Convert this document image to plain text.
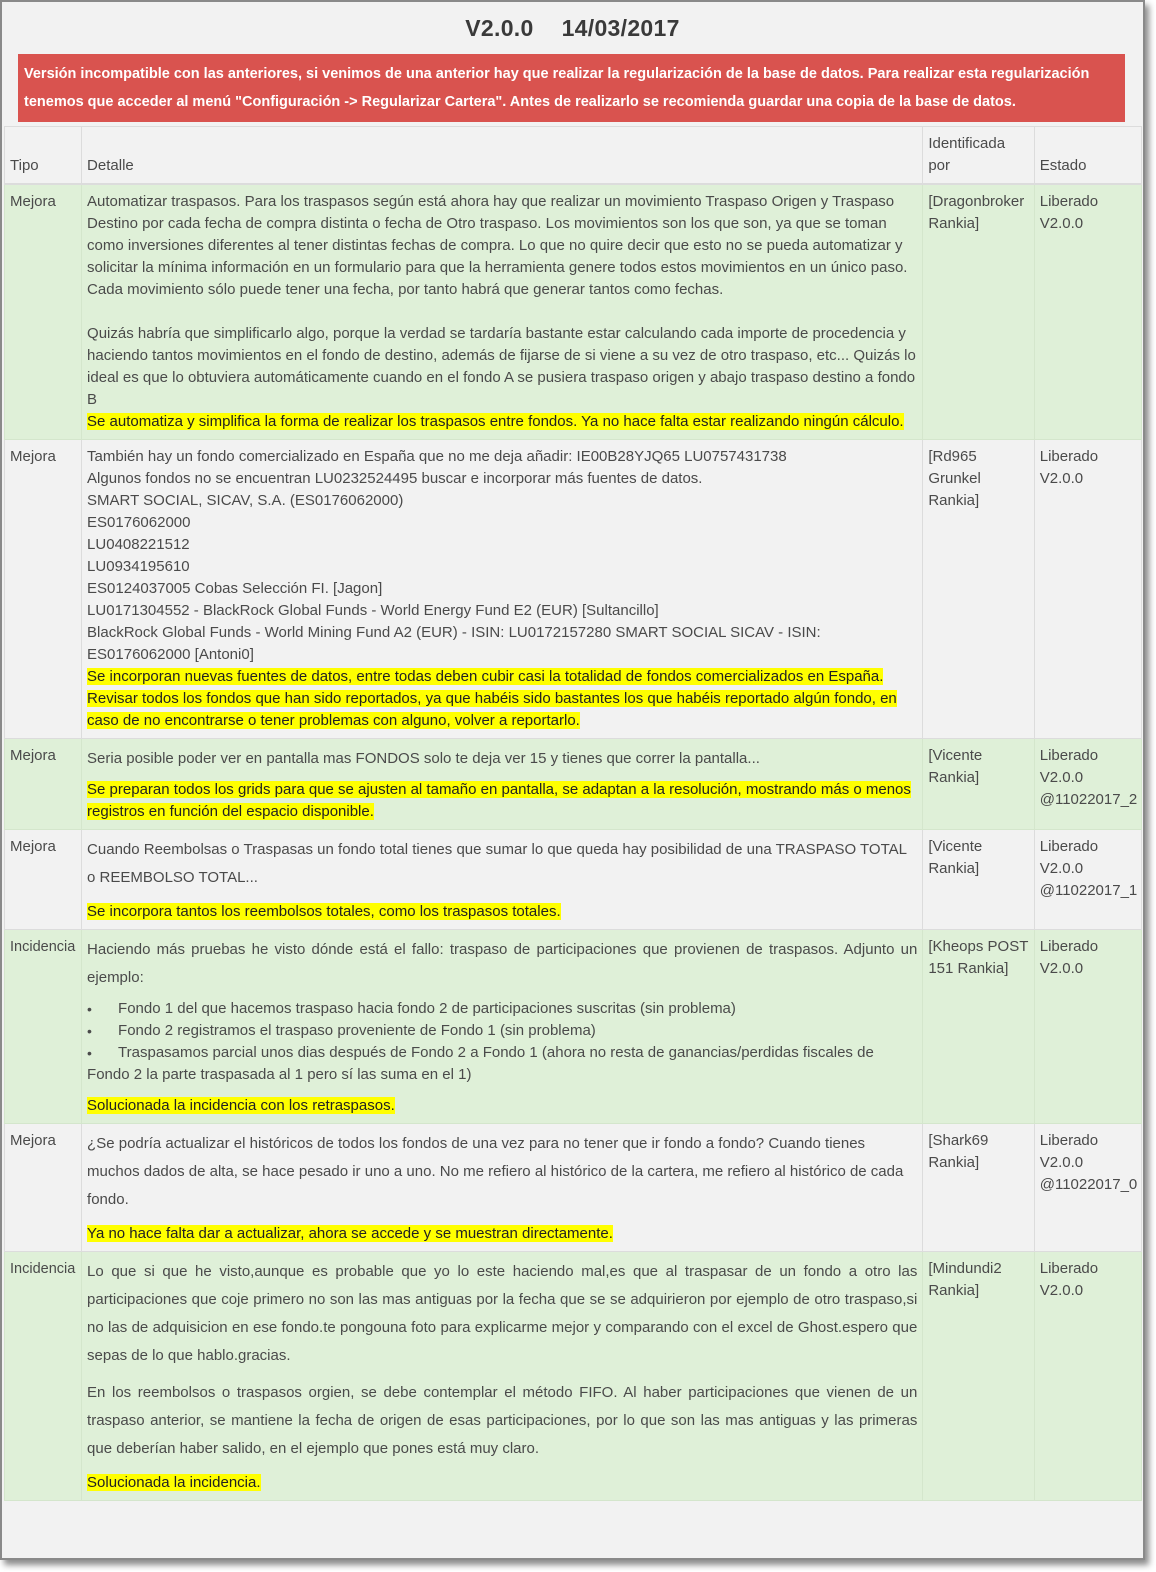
V2.0.0 14/03/2017
Versión incompatible con las anteriores, si venimos de una anterior hay que realizar la regularización de la base de datos. Para realizar esta regularización tenemos que acceder al menú "Configuración -> Regularizar Cartera". Antes de realizarlo se recomienda guardar una copia de la base de datos.
Tipo	Detalle	Identificada por	Estado
Mejora	Automatizar traspasos. Para los traspasos según está ahora hay que realizar un movimiento Traspaso Origen y Traspaso Destino por cada fecha de compra distinta o fecha de Otro traspaso. Los movimientos son los que son, ya que se toman como inversiones diferentes al tener distintas fechas de compra. Lo que no quire decir que esto no se pueda automatizar y solicitar la mínima información en un formulario para que la herramienta genere todos estos movimientos en un único paso. Cada movimiento sólo puede tener una fecha, por tanto habrá que generar tantos como fechas.

Quizás habría que simplificarlo algo, porque la verdad se tardaría bastante estar calculando cada importe de procedencia y haciendo tantos movimientos en el fondo de destino, además de fijarse de si viene a su vez de otro traspaso, etc... Quizás lo ideal es que lo obtuviera automáticamente cuando en el fondo A se pusiera traspaso origen y abajo traspaso destino a fondo B

Se automatiza y simplifica la forma de realizar los traspasos entre fondos. Ya no hace falta estar realizando ningún cálculo.	[Dragonbroker Rankia]	Liberado V2.0.0
Mejora	También hay un fondo comercializado en España que no me deja añadir: IE00B28YJQ65 LU0757431738

Algunos fondos no se encuentran LU0232524495 buscar e incorporar más fuentes de datos.

SMART SOCIAL, SICAV, S.A. (ES0176062000)

ES0176062000

LU0408221512

LU0934195610

ES0124037005 Cobas Selección FI. [Jagon]

LU0171304552 - BlackRock Global Funds - World Energy Fund E2 (EUR) [Sultancillo]

BlackRock Global Funds - World Mining Fund A2 (EUR) - ISIN: LU0172157280 SMART SOCIAL SICAV - ISIN: ES0176062000 [Antoni0]

Se incorporan nuevas fuentes de datos, entre todas deben cubir casi la totalidad de fondos comercializados en España. Revisar todos los fondos que han sido reportados, ya que habéis sido bastantes los que habéis reportado algún fondo, en caso de no encontrarse o tener problemas con alguno, volver a reportarlo.

	[Rd965 Grunkel Rankia]	Liberado V2.0.0
Mejora	Seria posible poder ver en pantalla mas FONDOS solo te deja ver 15 y tienes que correr la pantalla...

Se preparan todos los grids para que se ajusten al tamaño en pantalla, se adaptan a la resolución, mostrando más o menos registros en función del espacio disponible.	[Vicente Rankia]	Liberado V2.0.0 @11022017_2
Mejora	Cuando Reembolsas o Traspasas un fondo total tienes que sumar lo que queda hay posibilidad de una TRASPASO TOTAL o REEMBOLSO TOTAL...

Se incorpora tantos los reembolsos totales, como los traspasos totales.	[Vicente Rankia]	Liberado V2.0.0 @11022017_1
Incidencia	Haciendo más pruebas he visto dónde está el fallo: traspaso de participaciones que provienen de traspasos. Adjunto un ejemplo:

• Fondo 1 del que hacemos traspaso hacia fondo 2 de participaciones suscritas (sin problema)
• Fondo 2 registramos el traspaso proveniente de Fondo 1 (sin problema)
• Traspasamos parcial unos dias después de Fondo 2 a Fondo 1 (ahora no resta de ganancias/perdidas fiscales de

Fondo 2 la parte traspasada al 1 pero sí las suma en el 1)

Solucionada la incidencia con los retraspasos.

	[Kheops POST 151 Rankia]	Liberado V2.0.0
Mejora	¿Se podría actualizar el históricos de todos los fondos de una vez para no tener que ir fondo a fondo? Cuando tienes muchos dados de alta, se hace pesado ir uno a uno. No me refiero al histórico de la cartera, me refiero al histórico de cada fondo.

Ya no hace falta dar a actualizar, ahora se accede y se muestran directamente.	[Shark69 Rankia]	Liberado V2.0.0 @11022017_0
Incidencia	Lo que si que he visto,aunque es probable que yo lo este haciendo mal,es que al traspasar de un fondo a otro las participaciones que coje primero no son las mas antiguas por la fecha que se se adquirieron por ejemplo de otro traspaso,si no las de adquisicion en ese fondo.te pongouna foto para explicarme mejor y comparando con el excel de Ghost.espero que sepas de lo que hablo.gracias.

En los reembolsos o traspasos orgien, se debe contemplar el método FIFO. Al haber participaciones que vienen de un traspaso anterior, se mantiene la fecha de origen de esas participaciones, por lo que son las mas antiguas y las primeras que deberían haber salido, en el ejemplo que pones está muy claro.

Solucionada la incidencia.	[Mindundi2 Rankia]	Liberado V2.0.0
